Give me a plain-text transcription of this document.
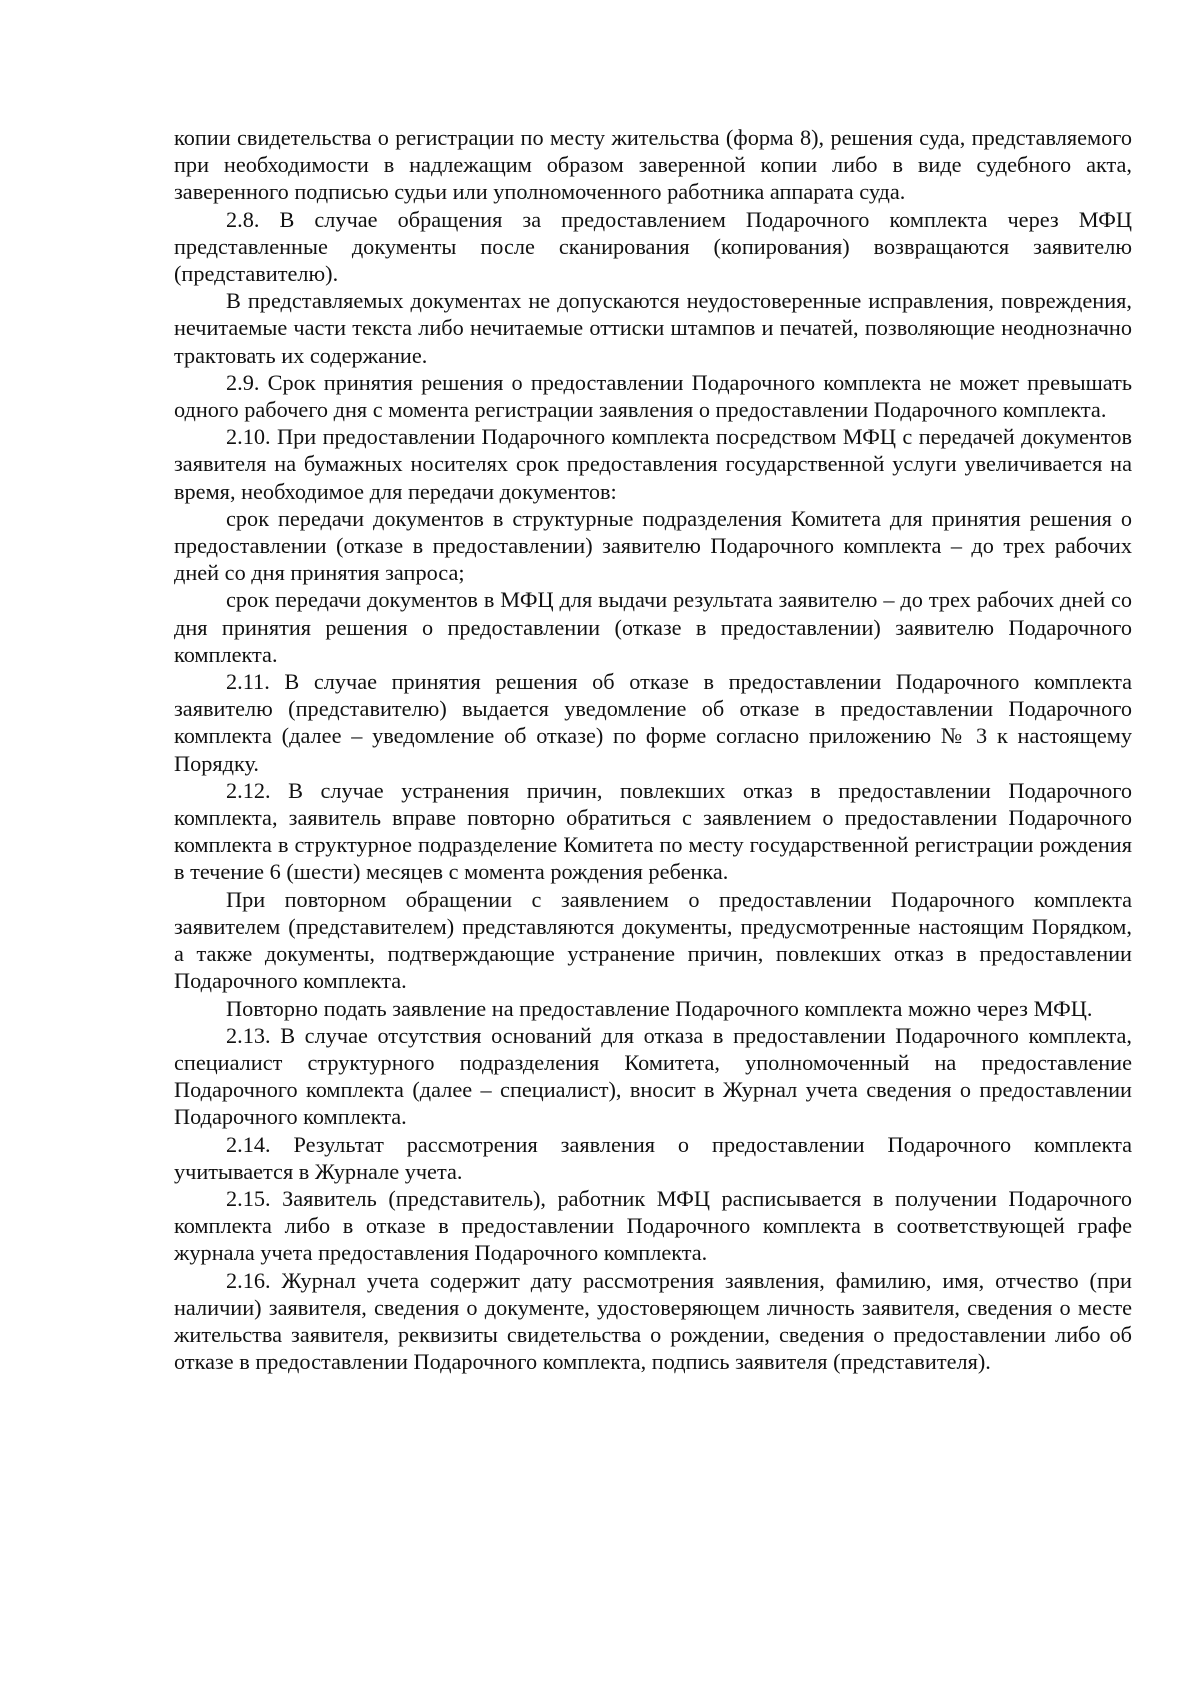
копии свидетельства о регистрации по месту жительства (форма 8), решения суда, представляемого при необходимости в надлежащим образом заверенной копии либо в виде судебного акта, заверенного подписью судьи или уполномоченного работника аппарата суда.

2.8. В случае обращения за предоставлением Подарочного комплекта через МФЦ представленные документы после сканирования (копирования) возвращаются заявителю (представителю).

В представляемых документах не допускаются неудостоверенные исправления, повреждения, нечитаемые части текста либо нечитаемые оттиски штампов и печатей, позволяющие неоднозначно трактовать их содержание.

2.9. Срок принятия решения о предоставлении Подарочного комплекта не может превышать одного рабочего дня с момента регистрации заявления о предоставлении Подарочного комплекта.

2.10. При предоставлении Подарочного комплекта посредством МФЦ с передачей документов заявителя на бумажных носителях срок предоставления государственной услуги увеличивается на время, необходимое для передачи документов:

срок передачи документов в структурные подразделения Комитета для принятия решения о предоставлении (отказе в предоставлении) заявителю Подарочного комплекта – до трех рабочих дней со дня принятия запроса;

срок передачи документов в МФЦ для выдачи результата заявителю – до трех рабочих дней со дня принятия решения о предоставлении (отказе в предоставлении) заявителю Подарочного комплекта.

2.11. В случае принятия решения об отказе в предоставлении Подарочного комплекта заявителю (представителю) выдается уведомление об отказе в предоставлении Подарочного комплекта (далее – уведомление об отказе) по форме согласно приложению № 3 к настоящему Порядку.

2.12. В случае устранения причин, повлекших отказ в предоставлении Подарочного комплекта, заявитель вправе повторно обратиться с заявлением о предоставлении Подарочного комплекта в структурное подразделение Комитета по месту государственной регистрации рождения в течение 6 (шести) месяцев с момента рождения ребенка.

При повторном обращении с заявлением о предоставлении Подарочного комплекта заявителем (представителем) представляются документы, предусмотренные настоящим Порядком, а также документы, подтверждающие устранение причин, повлекших отказ в предоставлении Подарочного комплекта.

Повторно подать заявление на предоставление Подарочного комплекта можно через МФЦ.

2.13. В случае отсутствия оснований для отказа в предоставлении Подарочного комплекта, специалист структурного подразделения Комитета, уполномоченный на предоставление Подарочного комплекта (далее – специалист), вносит в Журнал учета сведения о предоставлении Подарочного комплекта.

2.14. Результат рассмотрения заявления о предоставлении Подарочного комплекта учитывается в Журнале учета.

2.15. Заявитель (представитель), работник МФЦ расписывается в получении Подарочного комплекта либо в отказе в предоставлении Подарочного комплекта в соответствующей графе журнала учета предоставления Подарочного комплекта.

2.16. Журнал учета содержит дату рассмотрения заявления, фамилию, имя, отчество (при наличии) заявителя, сведения о документе, удостоверяющем личность заявителя, сведения о месте жительства заявителя, реквизиты свидетельства о рождении, сведения о предоставлении либо об отказе в предоставлении Подарочного комплекта, подпись заявителя (представителя).
